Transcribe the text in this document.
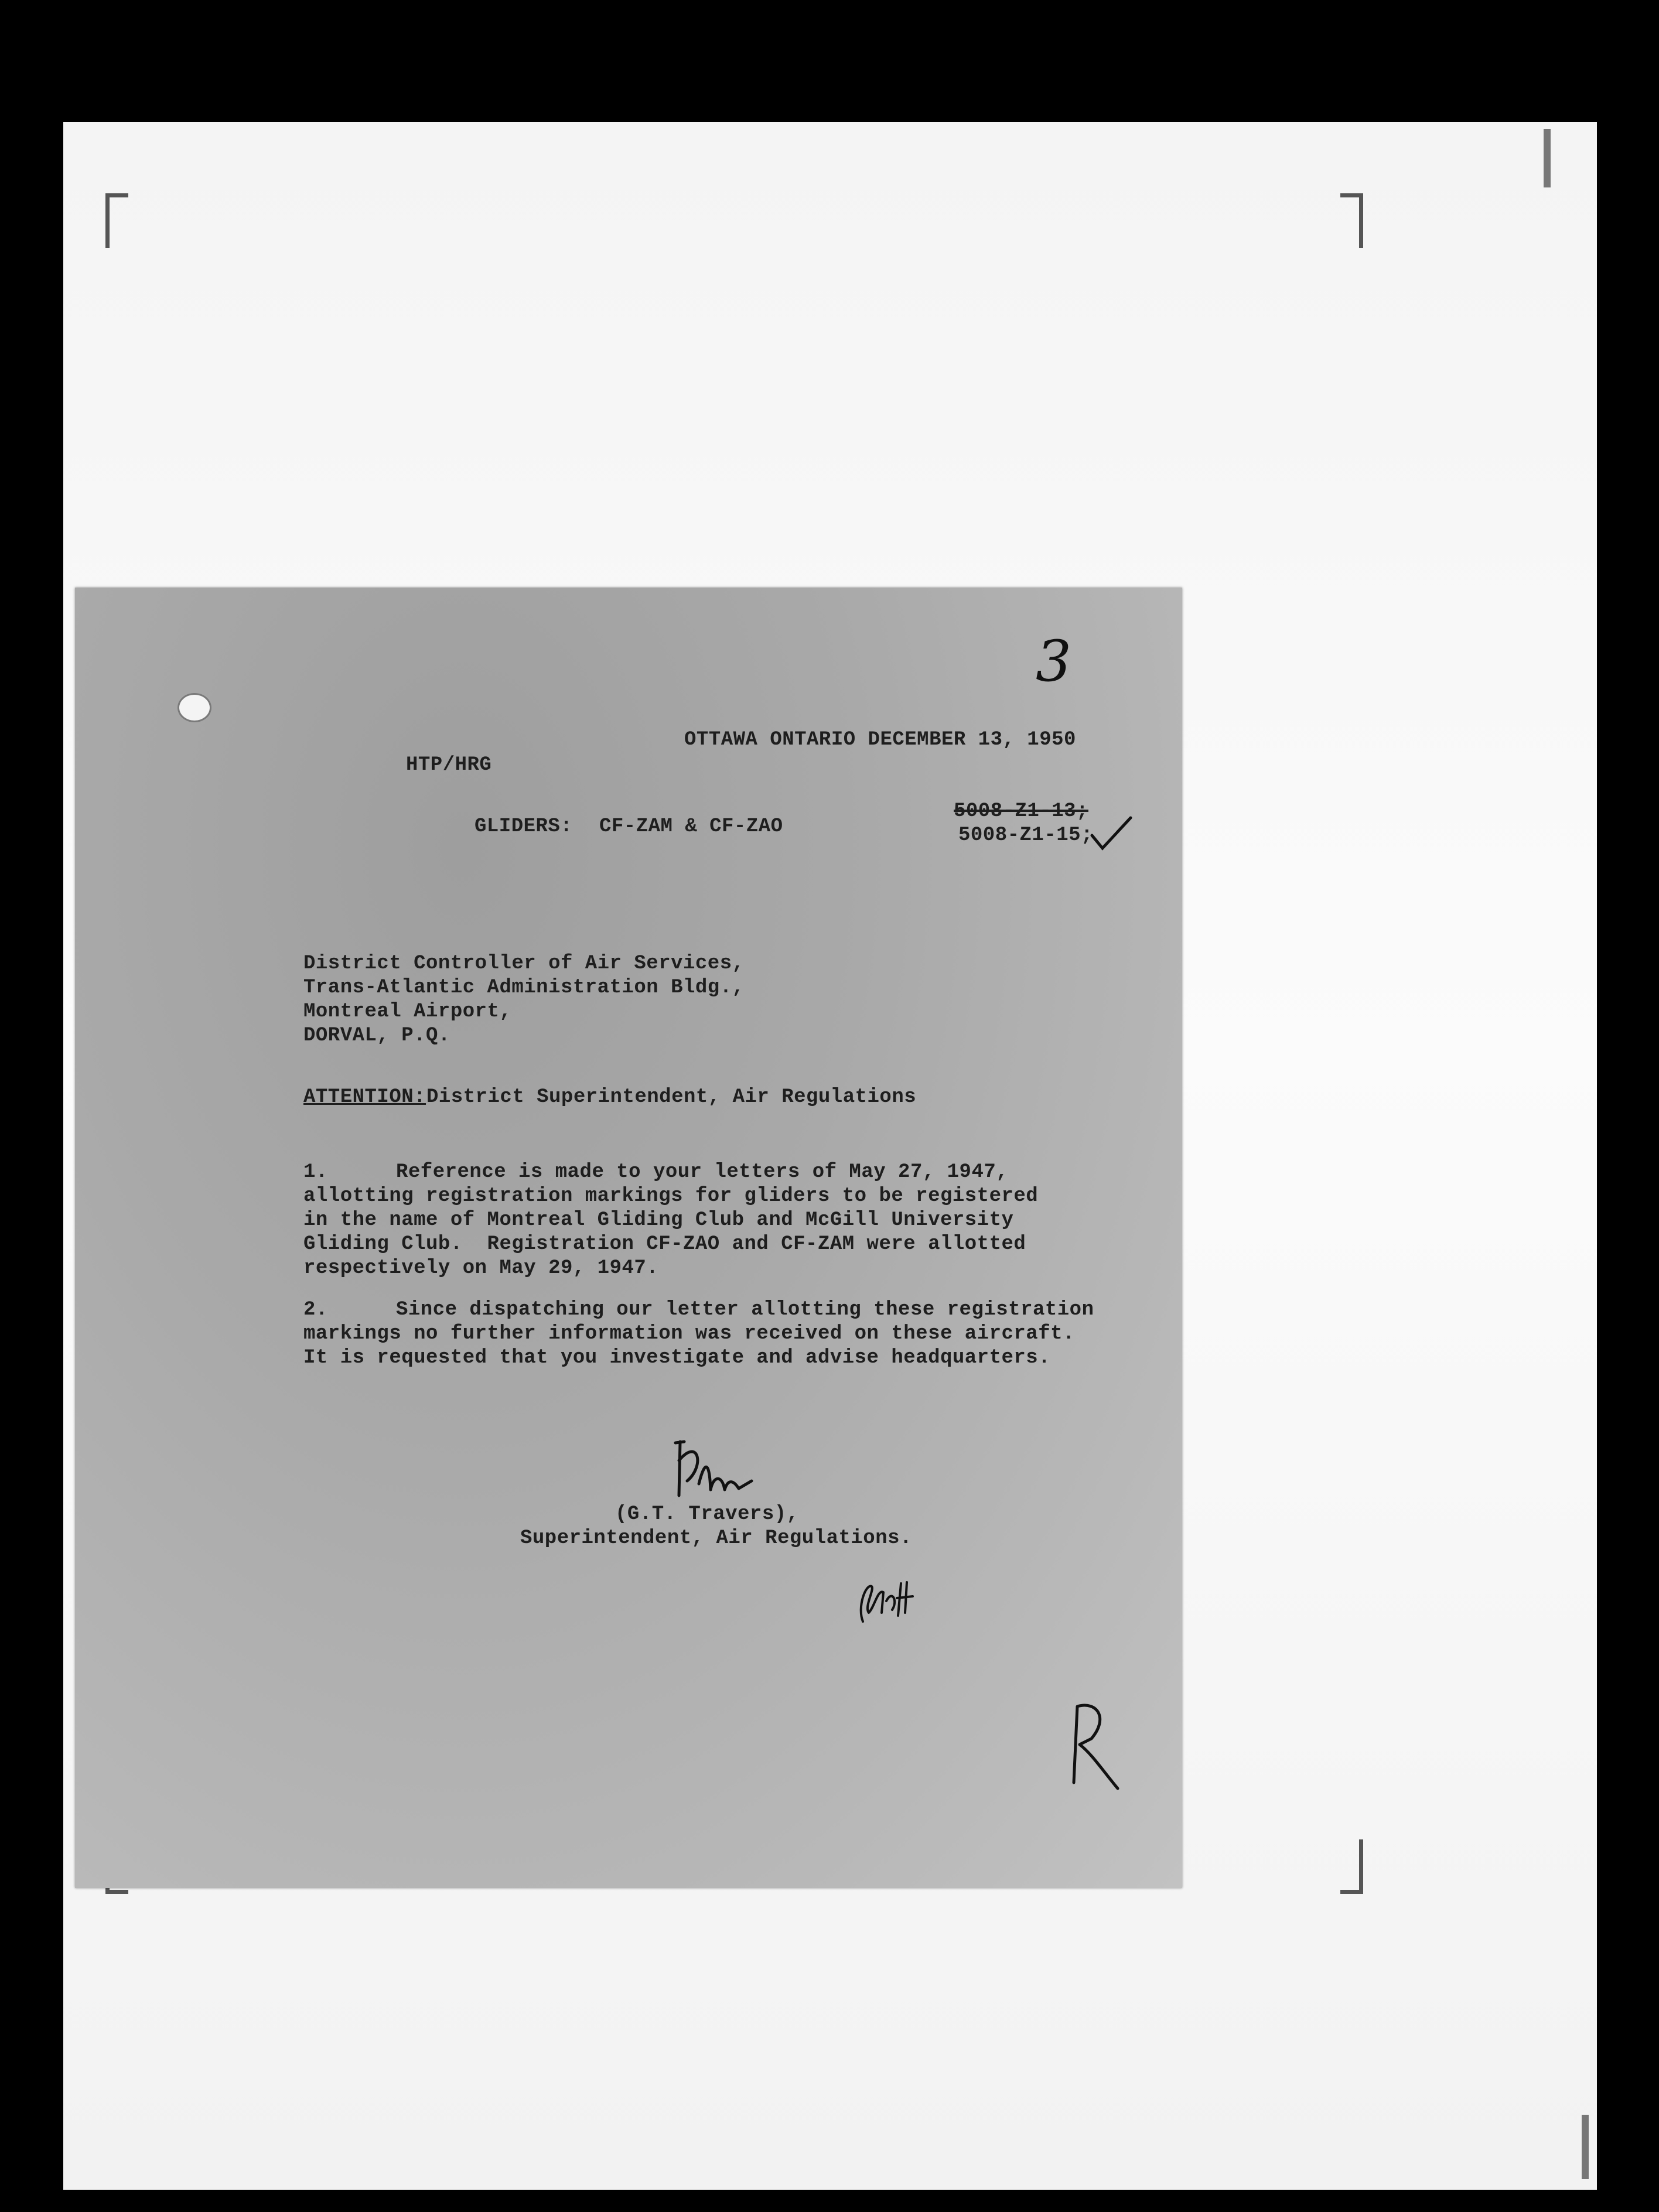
3
OTTAWA ONTARIO DECEMBER 13, 1950
HTP/HRG
GLIDERS: CF-ZAM & CF-ZAO
5008-Z1-13;
5008-Z1-15;
District Controller of Air Services,
Trans-Atlantic Administration Bldg.,
Montreal Airport,
DORVAL, P.Q.
ATTENTION: District Superintendent, Air Regulations
1.	Reference is made to your letters of May 27, 1947,
allotting registration markings for gliders to be registered
in the name of Montreal Gliding Club and McGill University
Gliding Club.  Registration CF-ZAO and CF-ZAM were allotted
respectively on May 29, 1947.
2.	Since dispatching our letter allotting these registration
markings no further information was received on these aircraft.
It is requested that you investigate and advise headquarters.
(G.T. Travers),
Superintendent, Air Regulations.
